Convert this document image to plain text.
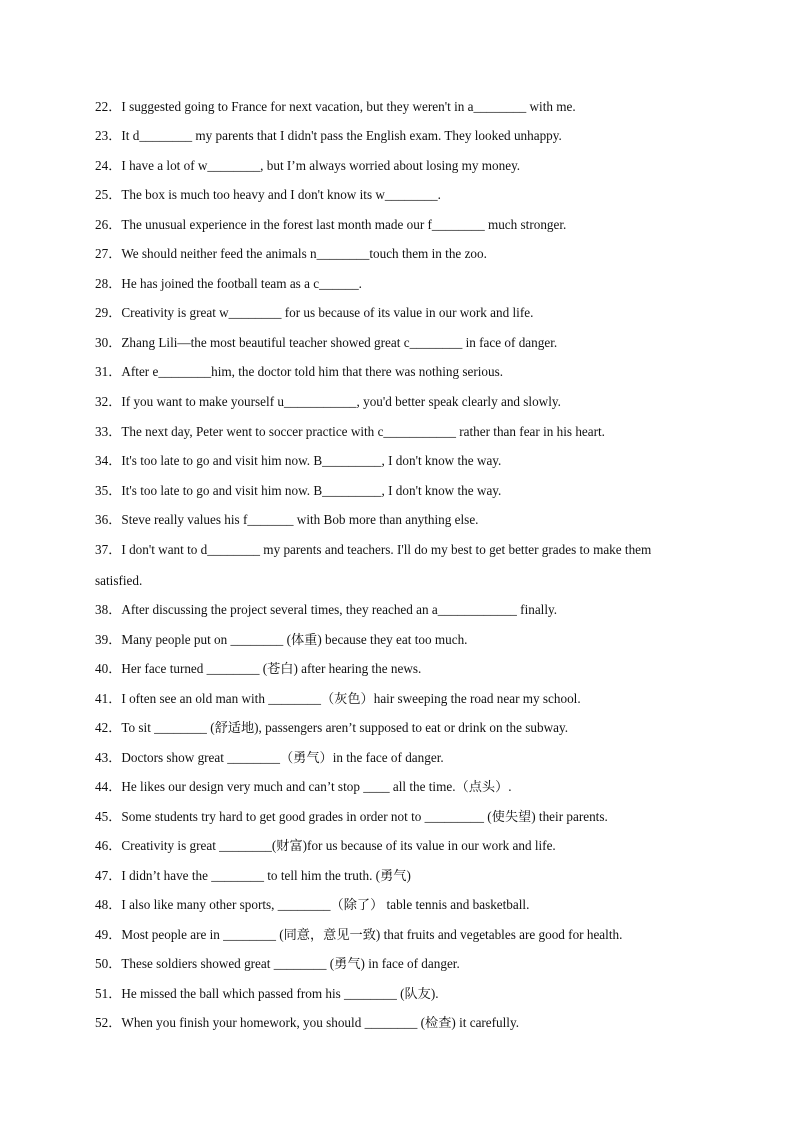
22．I suggested going to France for next vacation, but they weren't in a________ with me.
23．It d________ my parents that I didn't pass the English exam. They looked unhappy.
24．I have a lot of w________, but I’m always worried about losing my money.
25．The box is much too heavy and I don't know its w________.
26．The unusual experience in the forest last month made our f________ much stronger.
27．We should neither feed the animals n________touch them in the zoo.
28．He has joined the football team as a c______.
29．Creativity is great w________ for us because of its value in our work and life.
30．Zhang Lili—the most beautiful teacher showed great c________ in face of danger.
31．After e________him, the doctor told him that there was nothing serious.
32．If you want to make yourself u___________, you'd better speak clearly and slowly.
33．The next day, Peter went to soccer practice with c___________ rather than fear in his heart.
34．It's too late to go and visit him now. B_________, I don't know the way.
35．It's too late to go and visit him now. B_________, I don't know the way.
36．Steve really values his f_______ with Bob more than anything else.
37．I don't want to d________ my parents and teachers. I'll do my best to get better grades to make them satisfied.
38．After discussing the project several times, they reached an a____________ finally.
39．Many people put on ________ (体重) because they eat too much.
40．Her face turned ________ (苍白) after hearing the news.
41．I often see an old man with ________（灰色）hair sweeping the road near my school.
42．To sit ________ (舒适地), passengers aren’t supposed to eat or drink on the subway.
43．Doctors show great ________（勇气）in the face of danger.
44．He likes our design very much and can’t stop ____ all the time.（点头）.
45．Some students try hard to get good grades in order not to _________ (使失望) their parents.
46．Creativity is great ________(财富)for us because of its value in our work and life.
47．I didn’t have the ________ to tell him the truth. (勇气)
48．I also like many other sports, ________（除了） table tennis and basketball.
49．Most people are in ________ (同意，意见一致) that fruits and vegetables are good for health.
50．These soldiers showed great ________ (勇气) in face of danger.
51．He missed the ball which passed from his ________ (队友).
52．When you finish your homework, you should ________ (检查) it carefully.
